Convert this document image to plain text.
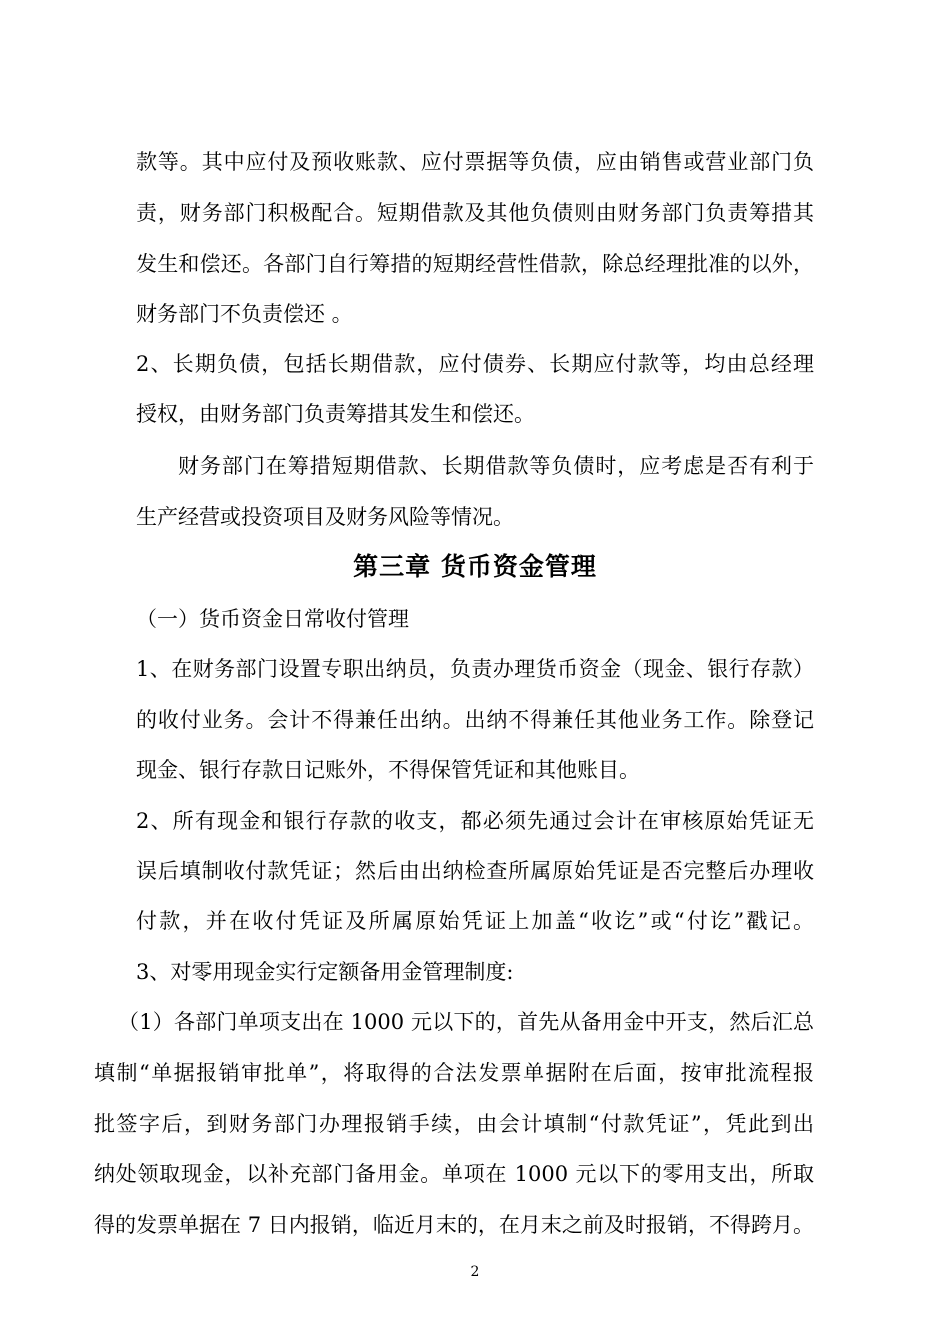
款等。其中应付及预收账款、应付票据等负债，应由销售或营业部门负
责，财务部门积极配合。短期借款及其他负债则由财务部门负责筹措其
发生和偿还。各部门自行筹措的短期经营性借款，除总经理批准的以外，
财务部门不负责偿还 。
2、长期负债，包括长期借款，应付债券、长期应付款等，均由总经理
授权，由财务部门负责筹措其发生和偿还。
财务部门在筹措短期借款、长期借款等负债时，应考虑是否有利于
生产经营或投资项目及财务风险等情况。
第三章 货币资金管理
（一）货币资金日常收付管理
1、在财务部门设置专职出纳员，负责办理货币资金（现金、银行存款）
的收付业务。会计不得兼任出纳。出纳不得兼任其他业务工作。除登记
现金、银行存款日记账外，不得保管凭证和其他账目。
2、所有现金和银行存款的收支，都必须先通过会计在审核原始凭证无
误后填制收付款凭证；然后由出纳检查所属原始凭证是否完整后办理收
付款，并在收付凭证及所属原始凭证上加盖“收讫”或“付讫”戳记。
3、对零用现金实行定额备用金管理制度:
（1）各部门单项支出在 1000 元以下的，首先从备用金中开支，然后汇总
填制“单据报销审批单”，将取得的合法发票单据附在后面，按审批流程报
批签字后，到财务部门办理报销手续，由会计填制“付款凭证”，凭此到出
纳处领取现金，以补充部门备用金。单项在 1000 元以下的零用支出，所取
得的发票单据在 7 日内报销，临近月末的，在月末之前及时报销，不得跨月。
2
